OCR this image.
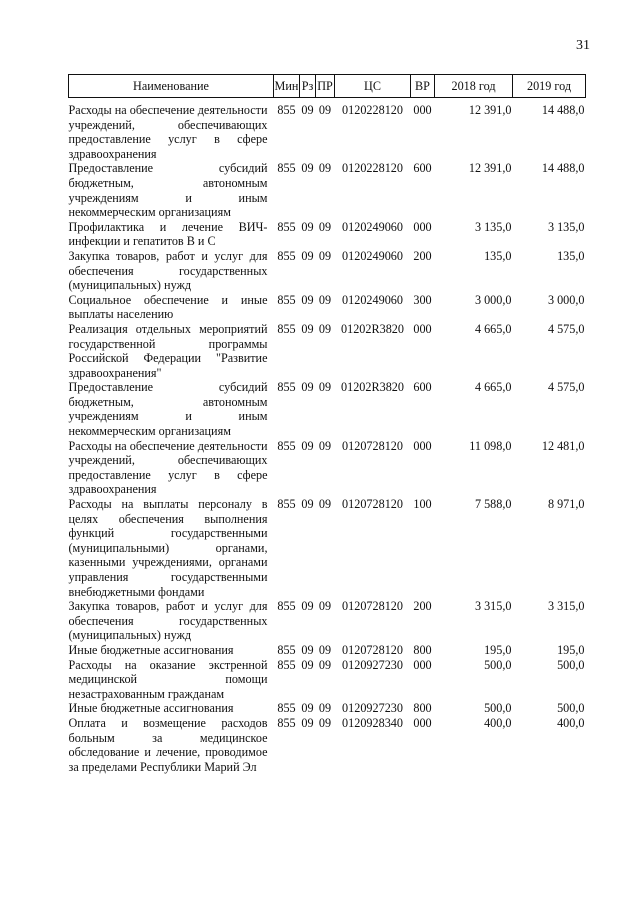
31
Наименование	Мин	Рз	ПР	ЦС	ВР	2018 год	2019 год
Расходы на обеспечение деятельности учреждений, обеспечивающих предоставление услуг в сфере здравоохранения	855	09	09	0120228120	000	12 391,0	14 488,0
Предоставление субсидий бюджетным, автономным учреждениям и иным некоммерческим организациям	855	09	09	0120228120	600	12 391,0	14 488,0
Профилактика и лечение ВИЧ-инфекции и гепатитов В и С	855	09	09	0120249060	000	3 135,0	3 135,0
Закупка товаров, работ и услуг для обеспечения государственных (муниципальных) нужд	855	09	09	0120249060	200	135,0	135,0
Социальное обеспечение и иные выплаты населению	855	09	09	0120249060	300	3 000,0	3 000,0
Реализация отдельных мероприятий государственной программы Российской Федерации "Развитие здравоохранения"	855	09	09	01202R3820	000	4 665,0	4 575,0
Предоставление субсидий бюджетным, автономным учреждениям и иным некоммерческим организациям	855	09	09	01202R3820	600	4 665,0	4 575,0
Расходы на обеспечение деятельности учреждений, обеспечивающих предоставление услуг в сфере здравоохранения	855	09	09	0120728120	000	11 098,0	12 481,0
Расходы на выплаты персоналу в целях обеспечения выполнения функций государственными (муниципальными) органами, казенными учреждениями, органами управления государственными внебюджетными фондами	855	09	09	0120728120	100	7 588,0	8 971,0
Закупка товаров, работ и услуг для обеспечения государственных (муниципальных) нужд	855	09	09	0120728120	200	3 315,0	3 315,0
Иные бюджетные ассигнования	855	09	09	0120728120	800	195,0	195,0
Расходы на оказание экстренной медицинской помощи незастрахованным гражданам	855	09	09	0120927230	000	500,0	500,0
Иные бюджетные ассигнования	855	09	09	0120927230	800	500,0	500,0
Оплата и возмещение расходов больным за медицинское обследование и лечение, проводимое за пределами Республики Марий Эл	855	09	09	0120928340	000	400,0	400,0
